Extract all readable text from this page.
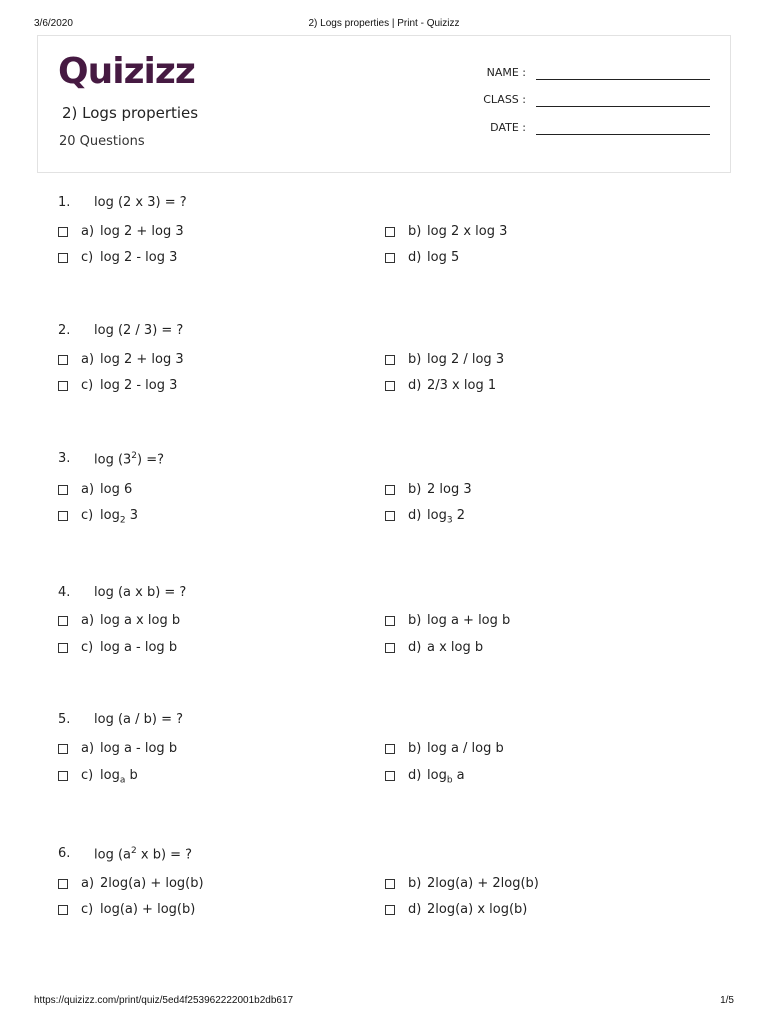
3/6/2020	2) Logs properties | Print - Quizizz
Quizizz
2) Logs properties
20 Questions
NAME :
CLASS :
DATE :
1. log (2 x 3) = ?
a) log 2 + log 3	b) log 2 x log 3
c) log 2 - log 3	d) log 5
2. log (2 / 3) = ?
a) log 2 + log 3	b) log 2 / log 3
c) log 2 - log 3	d) 2/3 x log 1
3. $\log (3^2)$ =?
a) log 6	b) 2 log 3
c) $\log_2 3$	d) $\log_3 2$
4. log (a x b) = ?
a) log a x log b	b) log a + log b
c) log a - log b	d) a x log b
5. log (a / b) = ?
a) log a - log b	b) log a / log b
c) $\log_a b$	d) $\log_b a$
6. $\log (a^2$ x b) = ?
a) 2log(a) + log(b)	b) 2log(a) + 2log(b)
c) log(a) + log(b)	d) 2log(a) x log(b)
https://quizizz.com/print/quiz/5ed4f253962222001b2db617	1/5
